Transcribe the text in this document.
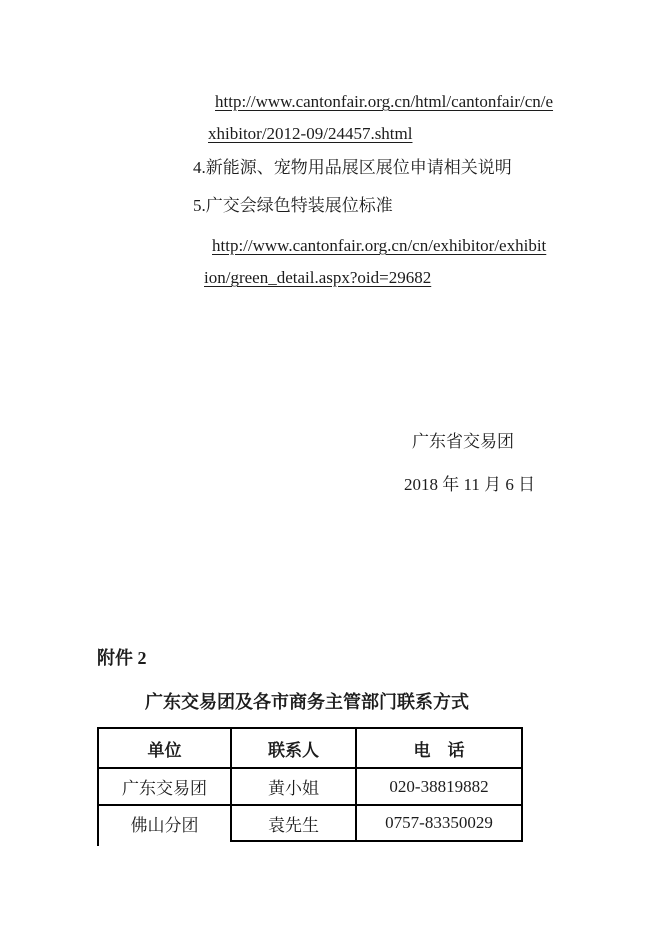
http://www.cantonfair.org.cn/html/cantonfair/cn/e
xhibitor/2012-09/24457.shtml
4.新能源、宠物用品展区展位申请相关说明
5.广交会绿色特装展位标准
http://www.cantonfair.org.cn/cn/exhibitor/exhibit
ion/green_detail.aspx?oid=29682
广东省交易团
2018 年 11 月 6 日
附件 2
广东交易团及各市商务主管部门联系方式
单位	联系人	电　话
广东交易团	黄小姐	020-38819882
佛山分团	袁先生	0757-83350029
